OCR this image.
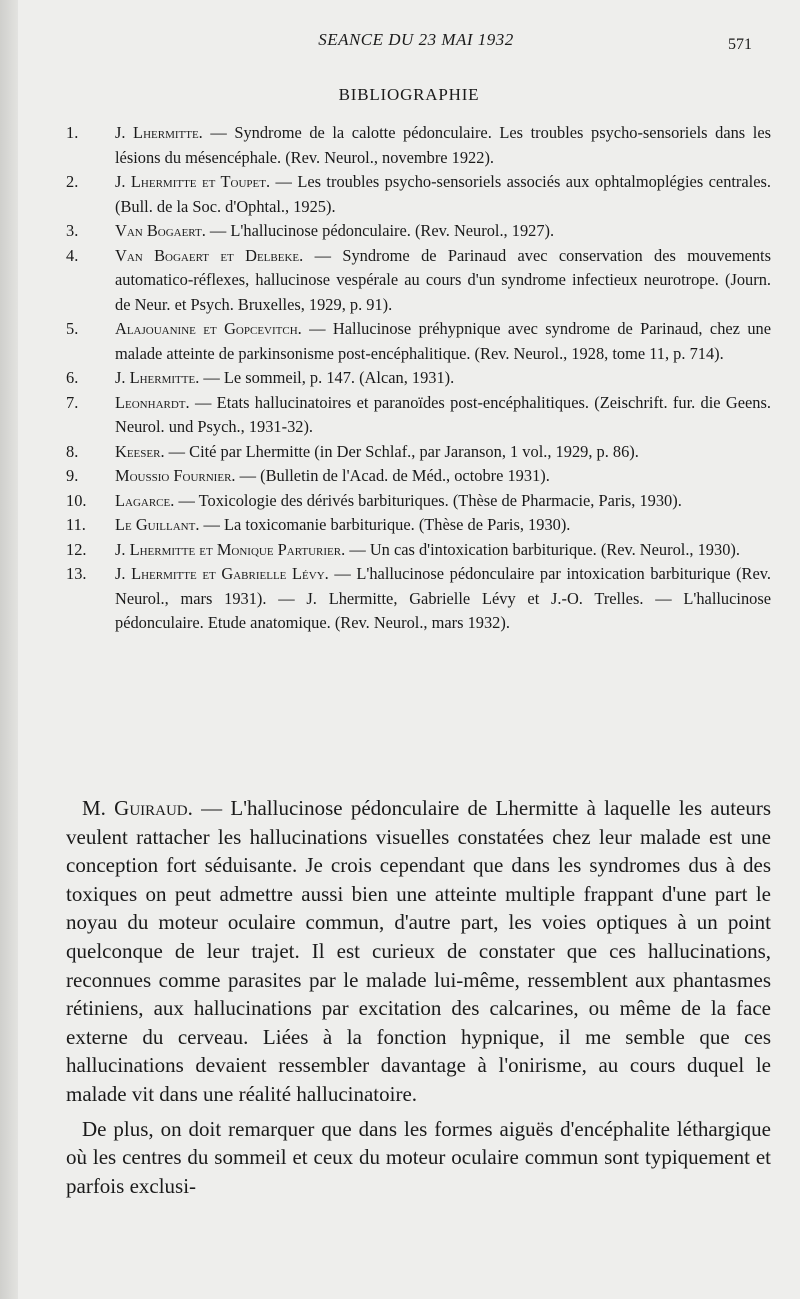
SEANCE DU 23 MAI 1932	571
BIBLIOGRAPHIE

1. J. Lhermitte. — Syndrome de la calotte pédonculaire. Les troubles psycho-sensoriels dans les lésions du mésencéphale. (Rev. Neurol., novembre 1922).

2. J. Lhermitte et Toupet. — Les troubles psycho-sensoriels associés aux ophtalmoplégies centrales. (Bull. de la Soc. d'Ophtal., 1925).

3. Van Bogaert. — L'hallucinose pédonculaire. (Rev. Neurol., 1927).

4. Van Bogaert et Delbeke. — Syndrome de Parinaud avec conservation des mouvements automatico-réflexes, hallucinose vespérale au cours d'un syndrome infectieux neurotrope. (Journ. de Neur. et Psych. Bruxelles, 1929, p. 91).

5. Alajouanine et Gopcevitch. — Hallucinose préhypnique avec syndrome de Parinaud, chez une malade atteinte de parkinsonisme post-encéphalitique. (Rev. Neurol., 1928, tome 11, p. 714).

6. J. Lhermitte. — Le sommeil, p. 147. (Alcan, 1931).

7. Leonhardt. — Etats hallucinatoires et paranoïdes post-encéphalitiques. (Zeischrift. fur. die Geens. Neurol. und Psych., 1931-32).

8. Keeser. — Cité par Lhermitte (in Der Schlaf., par Jaranson, 1 vol., 1929, p. 86).

9. Moussio Fournier. — (Bulletin de l'Acad. de Méd., octobre 1931).

10. Lagarce. — Toxicologie des dérivés barbituriques. (Thèse de Pharmacie, Paris, 1930).

11. Le Guillant. — La toxicomanie barbiturique. (Thèse de Paris, 1930).

12. J. Lhermitte et Monique Parturier. — Un cas d'intoxication barbiturique. (Rev. Neurol., 1930).

13. J. Lhermitte et Gabrielle Lévy. — L'hallucinose pédonculaire par intoxication barbiturique (Rev. Neurol., mars 1931). — J. Lhermitte, Gabrielle Lévy et J.-O. Trelles. — L'hallucinose pédonculaire. Etude anatomique. (Rev. Neurol., mars 1932).

M. Guiraud. — L'hallucinose pédonculaire de Lhermitte à laquelle les auteurs veulent rattacher les hallucinations visuelles constatées chez leur malade est une conception fort séduisante. Je crois cependant que dans les syndromes dus à des toxiques on peut admettre aussi bien une atteinte multiple frappant d'une part le noyau du moteur oculaire commun, d'autre part, les voies optiques à un point quelconque de leur trajet. Il est curieux de constater que ces hallucinations, reconnues comme parasites par le malade lui-même, ressemblent aux phantasmes rétiniens, aux hallucinations par excitation des calcarines, ou même de la face externe du cerveau. Liées à la fonction hypnique, il me semble que ces hallucinations devaient ressembler davantage à l'onirisme, au cours duquel le malade vit dans une réalité hallucinatoire.

De plus, on doit remarquer que dans les formes aiguës d'encéphalite léthargique où les centres du sommeil et ceux du moteur oculaire commun sont typiquement et parfois exclusi-
